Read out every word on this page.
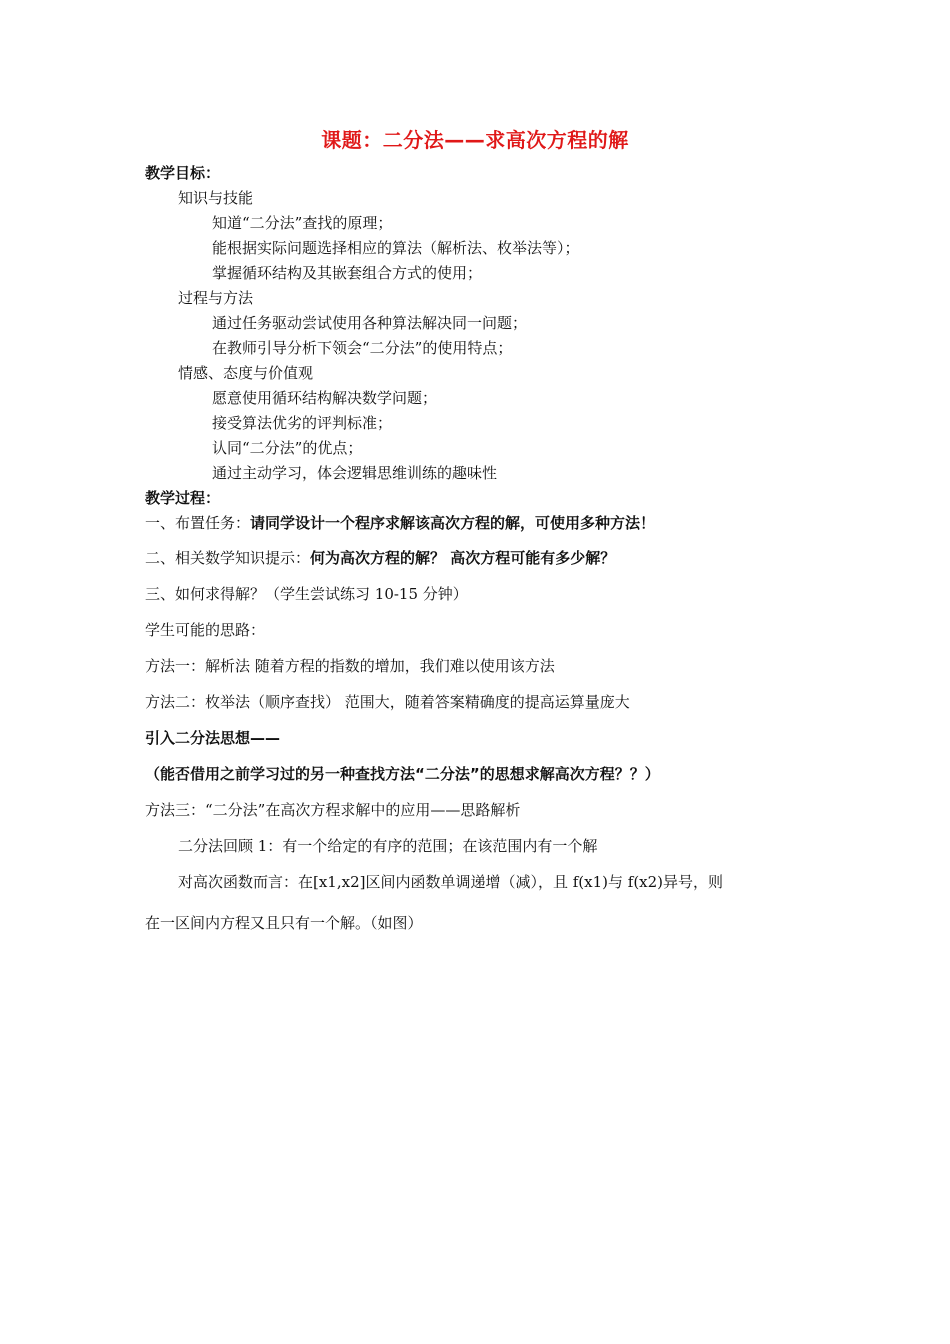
课题：二分法——求高次方程的解
教学目标：
知识与技能
知道“二分法”查找的原理；
能根据实际问题选择相应的算法（解析法、枚举法等）；
掌握循环结构及其嵌套组合方式的使用；
过程与方法
通过任务驱动尝试使用各种算法解决同一问题；
在教师引导分析下领会“二分法”的使用特点；
情感、态度与价值观
愿意使用循环结构解决数学问题；
接受算法优劣的评判标准；
认同“二分法”的优点；
通过主动学习，体会逻辑思维训练的趣味性
教学过程：
一、布置任务：请同学设计一个程序求解该高次方程的解，可使用多种方法！
二、相关数学知识提示：何为高次方程的解？ 高次方程可能有多少解？
三、如何求得解？（学生尝试练习 10-15 分钟）
学生可能的思路：
方法一：解析法 随着方程的指数的增加，我们难以使用该方法
方法二：枚举法（顺序查找） 范围大，随着答案精确度的提高运算量庞大
引入二分法思想——
（能否借用之前学习过的另一种查找方法“二分法”的思想求解高次方程？？）
方法三：“二分法”在高次方程求解中的应用——思路解析
二分法回顾 1：有一个给定的有序的范围；在该范围内有一个解
对高次函数而言：在[x1,x2]区间内函数单调递增（减），且 f(x1)与 f(x2)异号，则
在一区间内方程又且只有一个解。（如图）
